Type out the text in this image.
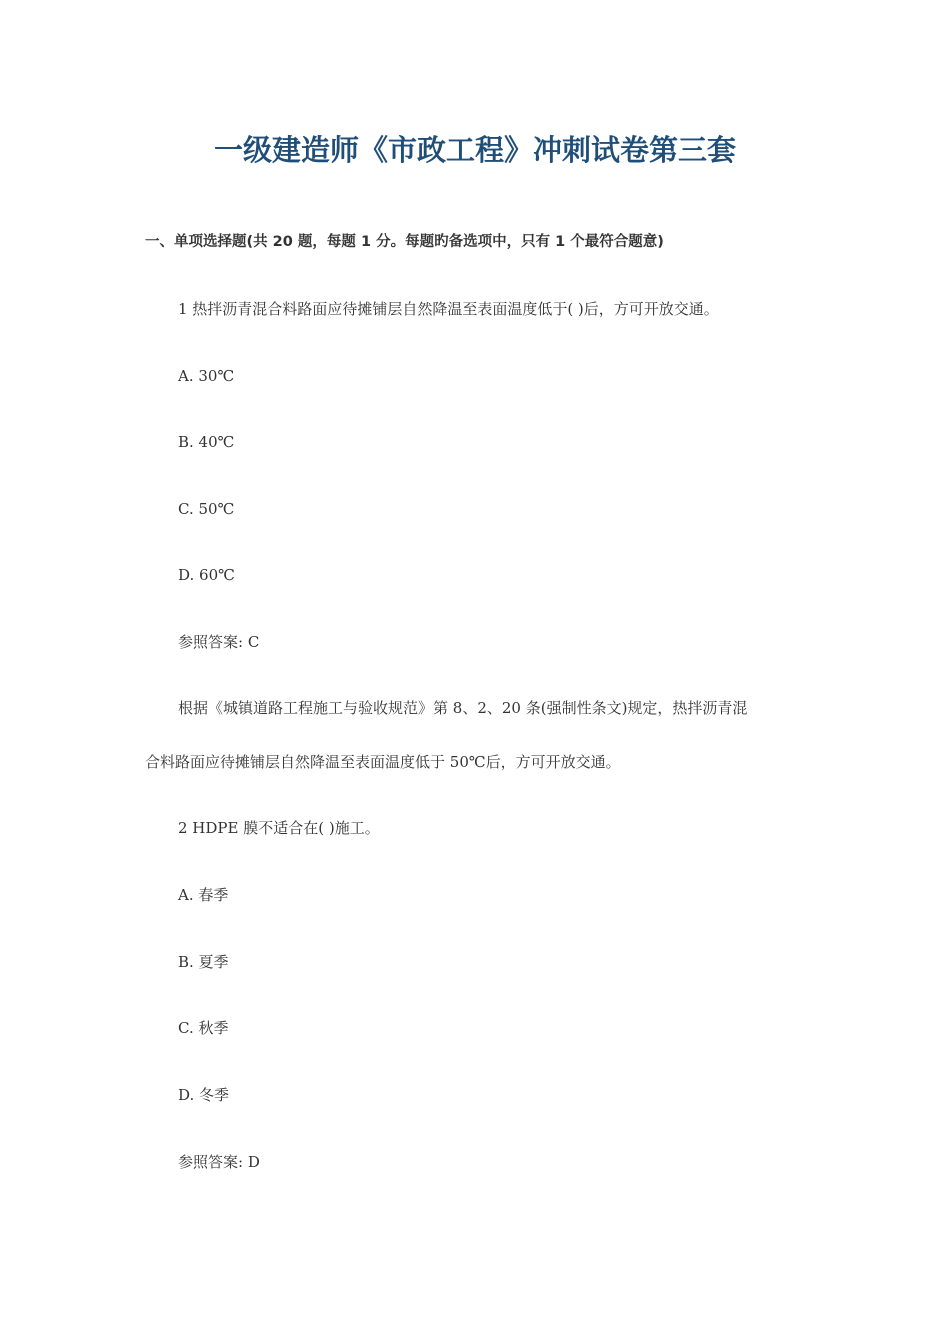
一级建造师《市政工程》冲刺试卷第三套
一、单项选择题(共 20 题，每题 1 分。每题旳备选项中，只有 1 个最符合题意)
1 热拌沥青混合料路面应待摊铺层自然降温至表面温度低于( )后，方可开放交通。
A. 30℃
B. 40℃
C. 50℃
D. 60℃
参照答案: C
根据《城镇道路工程施工与验收规范》第 8、2、20 条(强制性条文)规定，热拌沥青混
合料路面应待摊铺层自然降温至表面温度低于 50℃后，方可开放交通。
2 HDPE 膜不适合在( )施工。
A. 春季
B. 夏季
C. 秋季
D. 冬季
参照答案: D
